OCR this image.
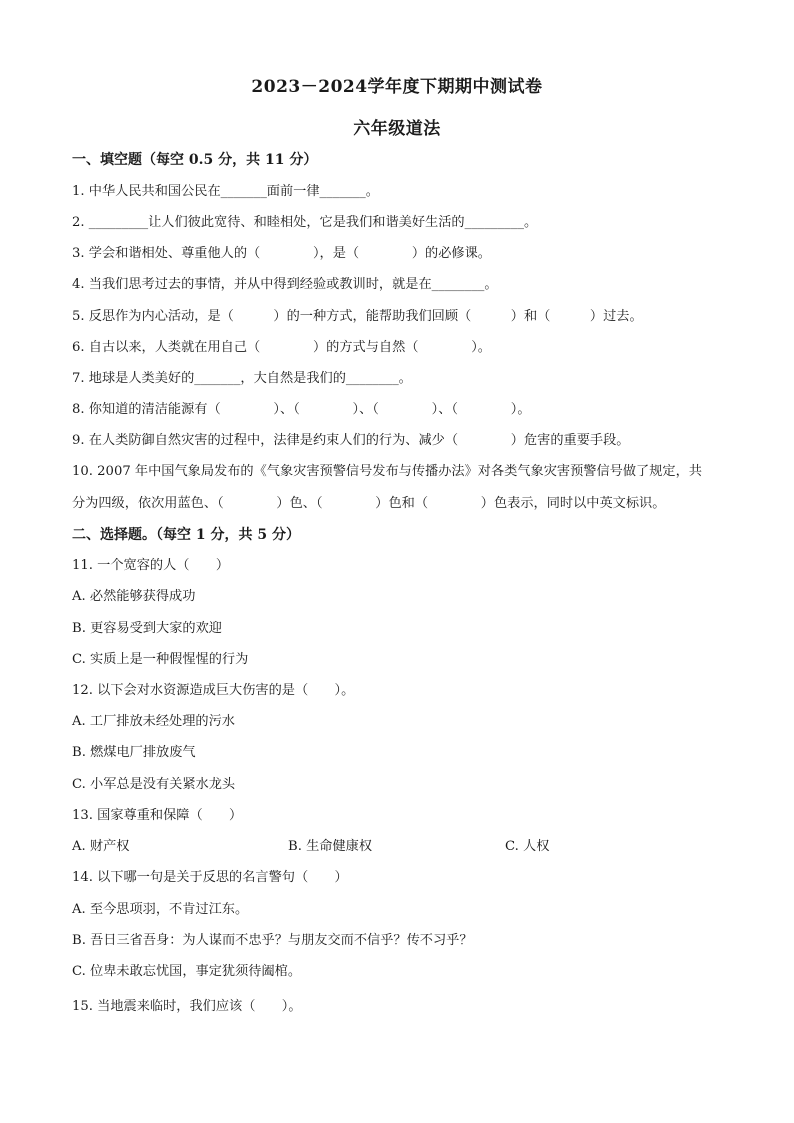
2023－2024学年度下期期中测试卷
六年级道法
一、填空题（每空 0.5 分，共 11 分）
1. 中华人民共和国公民在_______面前一律_______。
2. _________让人们彼此宽待、和睦相处，它是我们和谐美好生活的_________。
3. 学会和谐相处、尊重他人的（　　　　），是（　　　　）的必修课。
4. 当我们思考过去的事情，并从中得到经验或教训时，就是在________。
5. 反思作为内心活动，是（　　　）的一种方式，能帮助我们回顾（　　　）和（　　　）过去。
6. 自古以来，人类就在用自己（　　　　）的方式与自然（　　　　）。
7. 地球是人类美好的_______，大自然是我们的________。
8. 你知道的清洁能源有（　　　　）、（　　　　）、（　　　　）、（　　　　）。
9. 在人类防御自然灾害的过程中，法律是约束人们的行为、减少（　　　　）危害的重要手段。
10. 2007 年中国气象局发布的《气象灾害预警信号发布与传播办法》对各类气象灾害预警信号做了规定，共
分为四级，依次用蓝色、（　　　　）色、（　　　　）色和（　　　　）色表示，同时以中英文标识。
二、选择题。（每空 1 分，共 5 分）
11. 一个宽容的人（　　）
A. 必然能够获得成功
B. 更容易受到大家的欢迎
C. 实质上是一种假惺惺的行为
12. 以下会对水资源造成巨大伤害的是（　　）。
A. 工厂排放未经处理的污水
B. 燃煤电厂排放废气
C. 小军总是没有关紧水龙头
13. 国家尊重和保障（　　）
A. 财产权	B. 生命健康权	C. 人权
14. 以下哪一句是关于反思的名言警句（　　）
A. 至今思项羽，不肯过江东。
B. 吾日三省吾身：为人谋而不忠乎？与朋友交而不信乎？传不习乎？
C. 位卑未敢忘忧国，事定犹须待阖棺。
15. 当地震来临时，我们应该（　　）。
